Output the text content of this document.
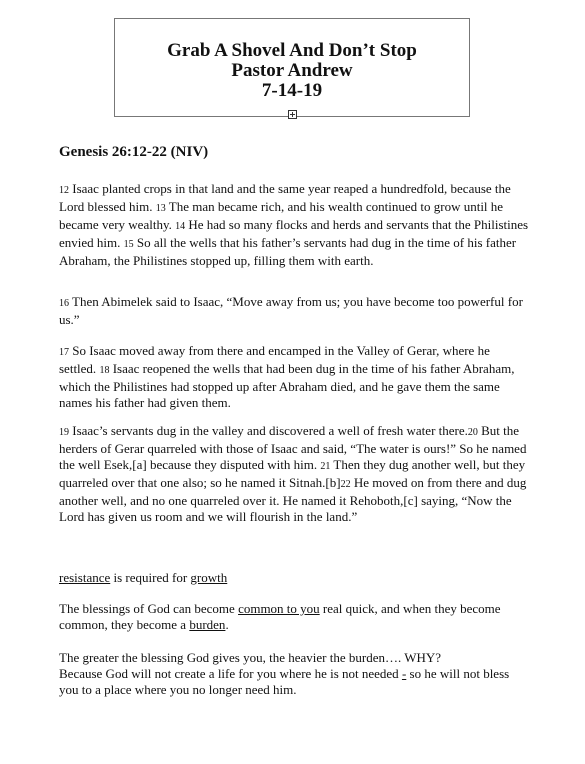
Grab A Shovel And Don’t Stop
Pastor Andrew
7-14-19
Genesis 26:12-22 (NIV)
12 Isaac planted crops in that land and the same year reaped a hundredfold, because the Lord blessed him. 13 The man became rich, and his wealth continued to grow until he became very wealthy. 14 He had so many flocks and herds and servants that the Philistines envied him. 15 So all the wells that his father’s servants had dug in the time of his father Abraham, the Philistines stopped up, filling them with earth.
16 Then Abimelek said to Isaac, “Move away from us; you have become too powerful for us.”
17 So Isaac moved away from there and encamped in the Valley of Gerar, where he settled. 18 Isaac reopened the wells that had been dug in the time of his father Abraham, which the Philistines had stopped up after Abraham died, and he gave them the same names his father had given them.
19 Isaac’s servants dug in the valley and discovered a well of fresh water there.20 But the herders of Gerar quarreled with those of Isaac and said, “The water is ours!” So he named the well Esek,[a] because they disputed with him. 21 Then they dug another well, but they quarreled over that one also; so he named it Sitnah.[b]22 He moved on from there and dug another well, and no one quarreled over it. He named it Rehoboth,[c] saying, “Now the Lord has given us room and we will flourish in the land.”
resistance is required for growth
The blessings of God can become common to you real quick, and when they become common, they become a burden.
The greater the blessing God gives you, the heavier the burden…. WHY?
Because God will not create a life for you where he is not needed - so he will not bless you to a place where you no longer need him.
